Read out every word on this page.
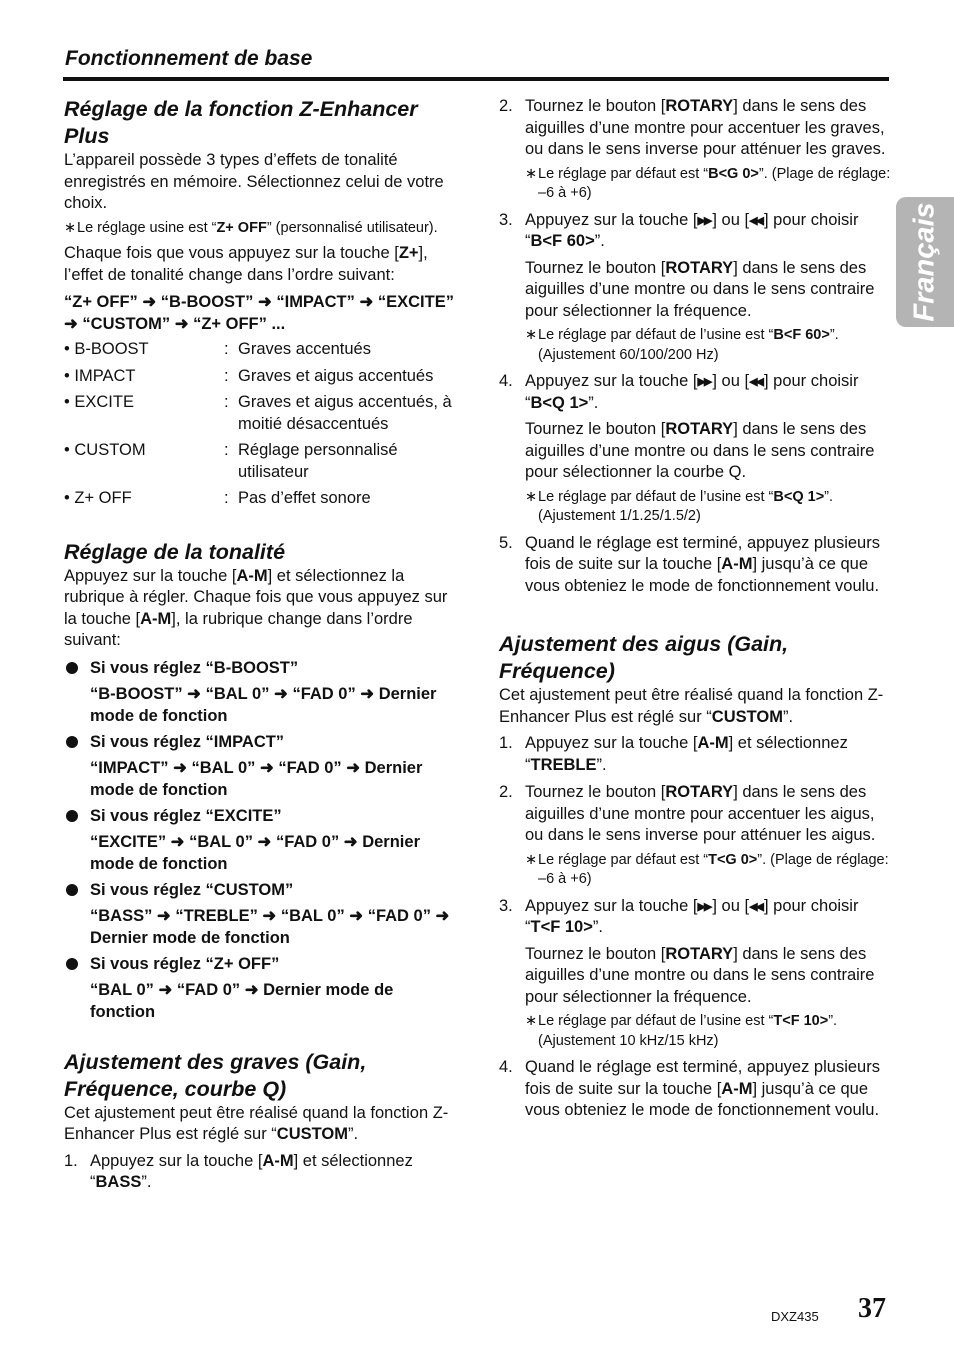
Fonctionnement de base
Français
Réglage de la fonction Z-Enhancer Plus

L’appareil possède 3 types d’effets de tonalité enregistrés en mémoire. Sélectionnez celui de votre choix.

∗ Le réglage usine est “Z+ OFF” (personnalisé utilisateur).

Chaque fois que vous appuyez sur la touche [Z+], l’effet de tonalité change dans l’ordre suivant:

“Z+ OFF” ➜ “B-BOOST” ➜ “IMPACT” ➜ “EXCITE” ➜ “CUSTOM” ➜ “Z+ OFF” ...

• B-BOOST	: Graves accentués
• IMPACT	: Graves et aigus accentués
• EXCITE	: Graves et aigus accentués, à moitié désaccentués
• CUSTOM	: Réglage personnalisé utilisateur
• Z+ OFF	: Pas d’effet sonore
Réglage de la tonalité

Appuyez sur la touche [A-M] et sélectionnez la rubrique à régler. Chaque fois que vous appuyez sur la touche [A-M], la rubrique change dans l’ordre suivant:

Si vous réglez “B-BOOST”

“B-BOOST” ➜ “BAL 0” ➜ “FAD 0” ➜ Dernier mode de fonction

Si vous réglez “IMPACT”

“IMPACT” ➜ “BAL 0” ➜ “FAD 0” ➜ Dernier mode de fonction

Si vous réglez “EXCITE”

“EXCITE” ➜ “BAL 0” ➜ “FAD 0” ➜ Dernier mode de fonction

Si vous réglez “CUSTOM”

“BASS” ➜ “TREBLE” ➜ “BAL 0” ➜ “FAD 0” ➜ Dernier mode de fonction

Si vous réglez “Z+ OFF”

“BAL 0” ➜ “FAD 0” ➜ Dernier mode de fonction

Ajustement des graves (Gain, Fréquence, courbe Q)

Cet ajustement peut être réalisé quand la fonction Z-Enhancer Plus est réglé sur “CUSTOM”.

1. Appuyez sur la touche [A-M] et sélectionnez “BASS”.

2. Tournez le bouton [ROTARY] dans le sens des aiguilles d’une montre pour accentuer les graves, ou dans le sens inverse pour atténuer les graves.

∗ Le réglage par défaut est “B<G 0>”. (Plage de réglage: –6 à +6)

3. Appuyez sur la touche [▶▶ ] ou [◀◀ ] pour choisir “B<F 60>”.

Tournez le bouton [ROTARY] dans le sens des aiguilles d’une montre ou dans le sens contraire pour sélectionner la fréquence.

∗ Le réglage par défaut de l’usine est “B<F 60>”. (Ajustement 60/100/200 Hz)

4. Appuyez sur la touche [▶▶ ] ou [◀◀ ] pour choisir “B<Q 1>”.

Tournez le bouton [ROTARY] dans le sens des aiguilles d’une montre ou dans le sens contraire pour sélectionner la courbe Q.

∗ Le réglage par défaut de l’usine est “B<Q 1>”. (Ajustement 1/1.25/1.5/2)

5. Quand le réglage est terminé, appuyez plusieurs fois de suite sur la touche [A-M] jusqu’à ce que vous obteniez le mode de fonctionnement voulu.

Ajustement des aigus (Gain, Fréquence)

Cet ajustement peut être réalisé quand la fonction Z-Enhancer Plus est réglé sur “CUSTOM”.

1. Appuyez sur la touche [A-M] et sélectionnez “TREBLE”.

2. Tournez le bouton [ROTARY] dans le sens des aiguilles d’une montre pour accentuer les aigus, ou dans le sens inverse pour atténuer les aigus.

∗ Le réglage par défaut est “T<G 0>”. (Plage de réglage: –6 à +6)

3. Appuyez sur la touche [▶▶ ] ou [◀◀ ] pour choisir “T<F 10>”.

Tournez le bouton [ROTARY] dans le sens des aiguilles d’une montre ou dans le sens contraire pour sélectionner la fréquence.

∗ Le réglage par défaut de l’usine est “T<F 10>”. (Ajustement 10 kHz/15 kHz)

4. Quand le réglage est terminé, appuyez plusieurs fois de suite sur la touche [A-M] jusqu’à ce que vous obteniez le mode de fonctionnement voulu.

DXZ435 37
